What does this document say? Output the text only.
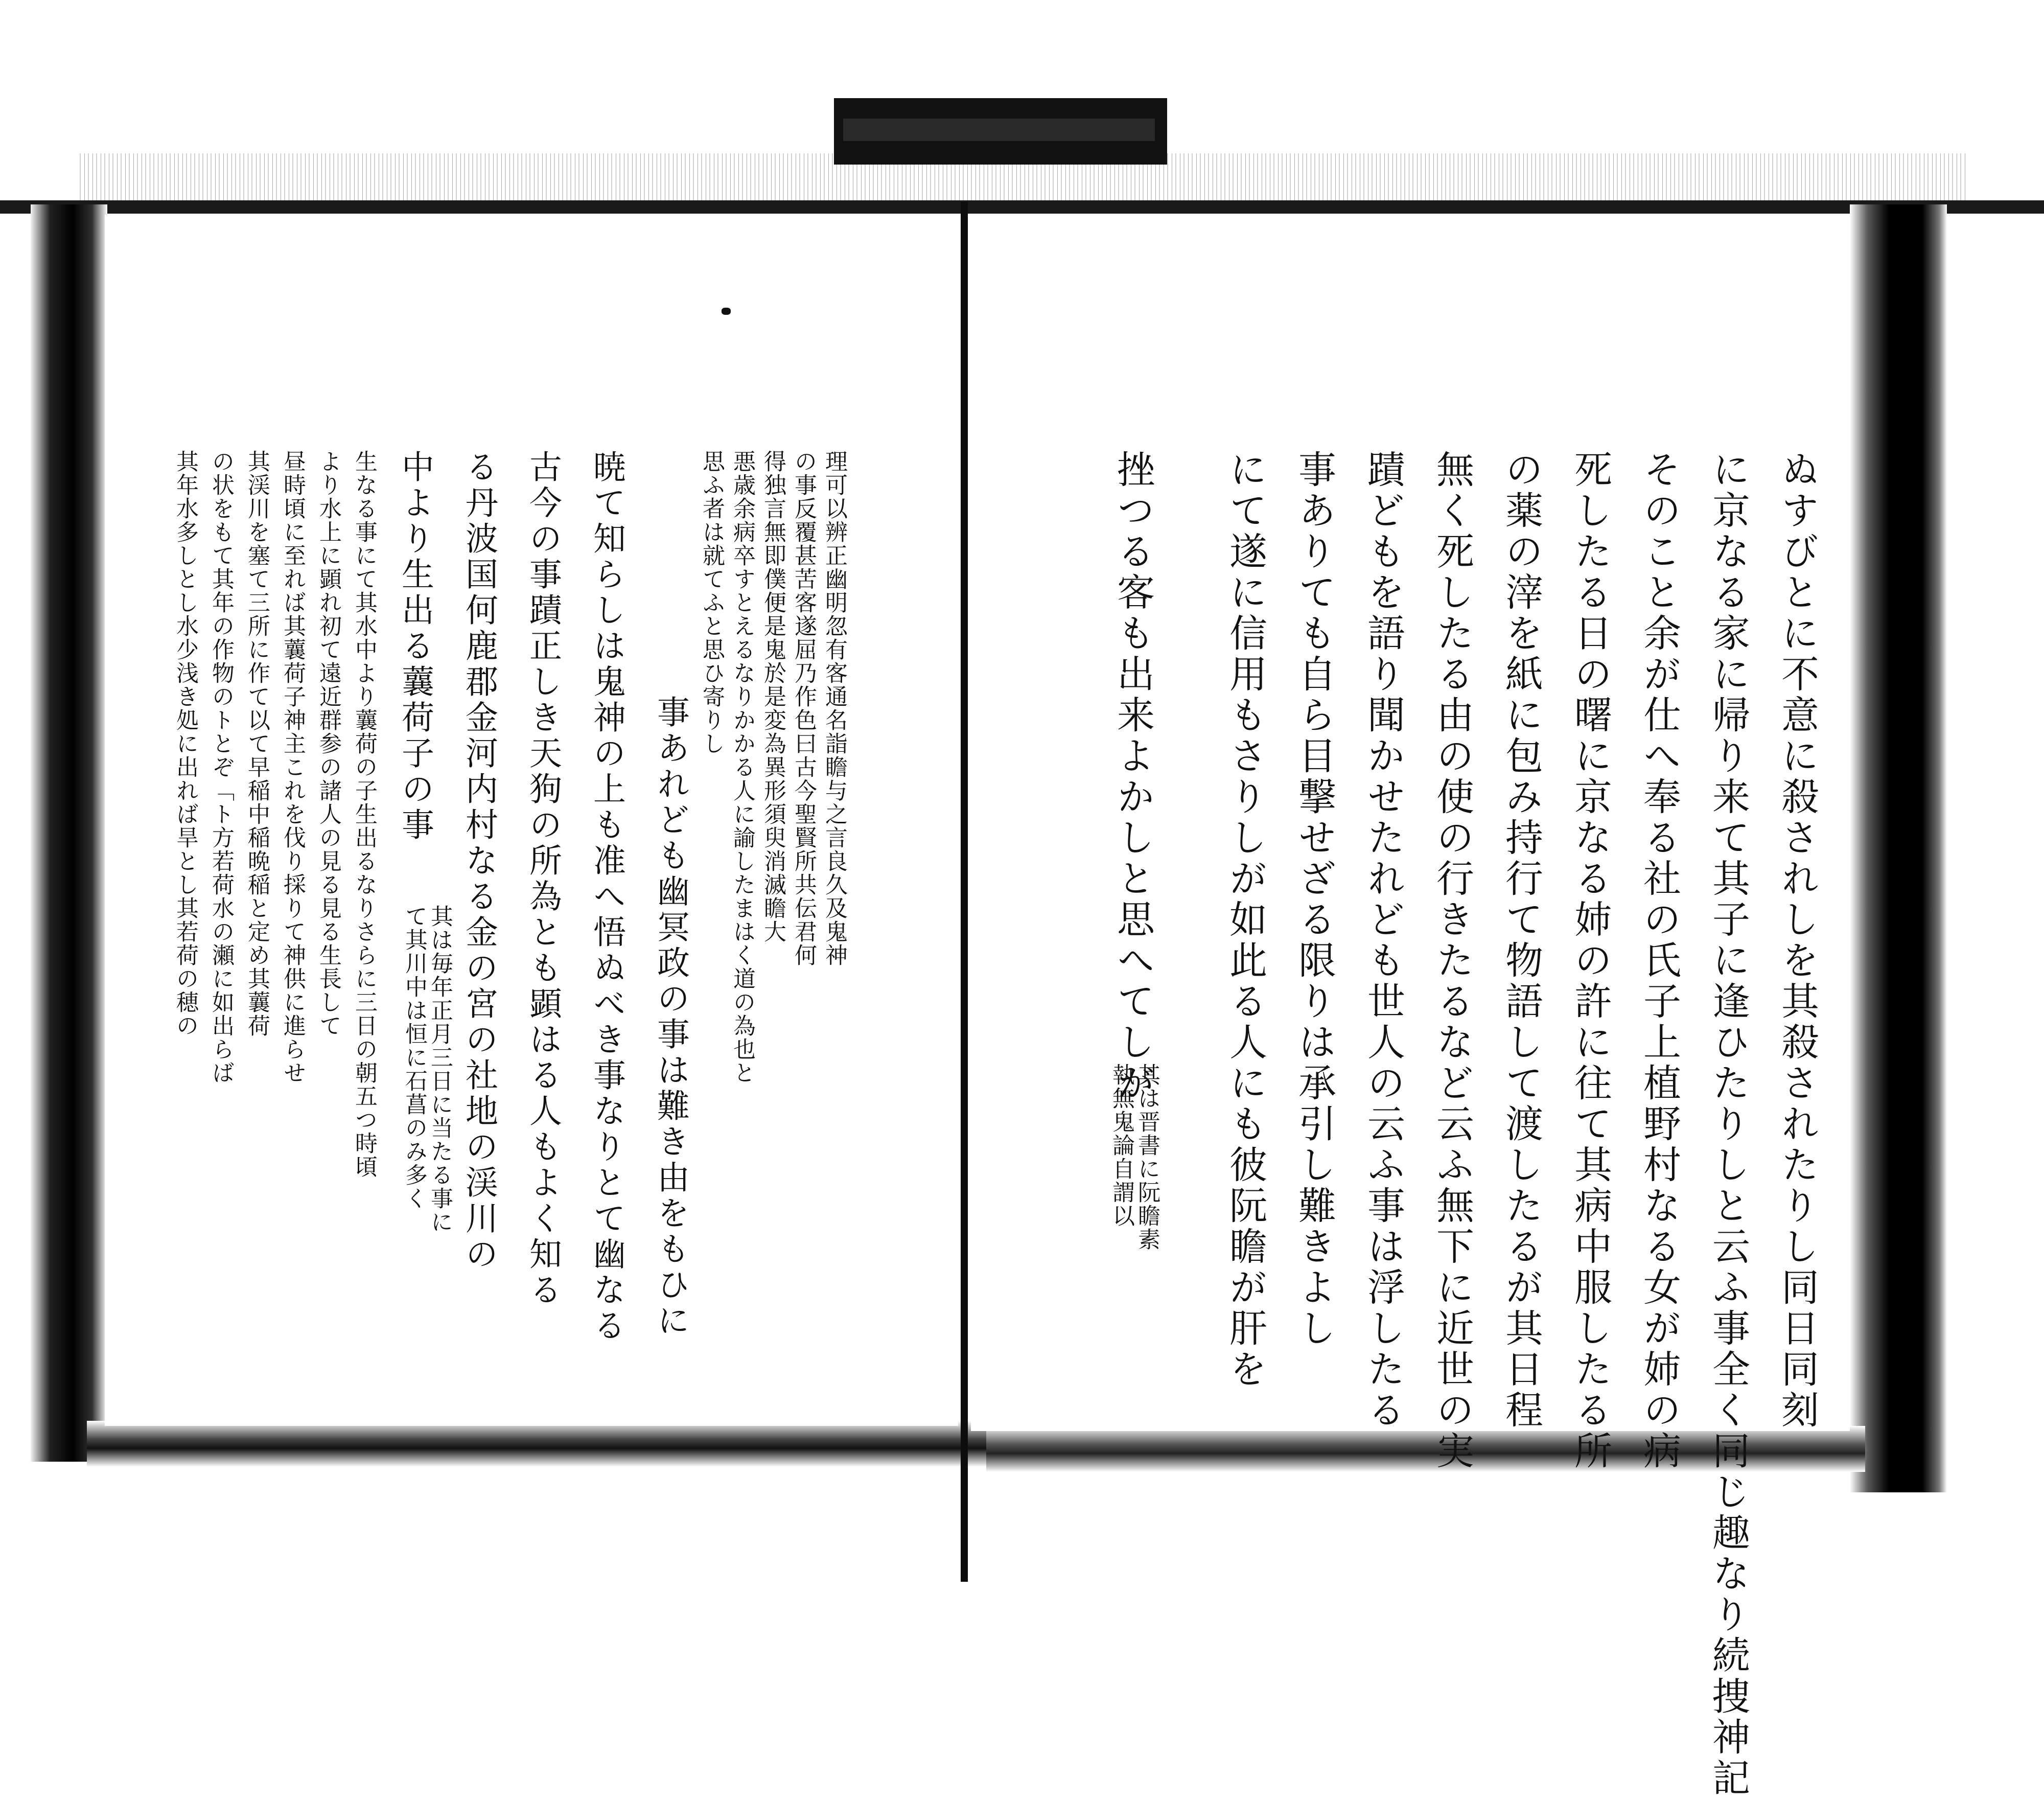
ぬすびとに不意に殺されしを其殺されたりし同日同刻
に京なる家に帰り来て其子に逢ひたりしと云ふ事全く同じ趣なり続捜神記
そのこと余が仕へ奉る社の氏子上植野村なる女が姉の病
死したる日の曙に京なる姉の許に往て其病中服したる所
の薬の滓を紙に包み持行て物語して渡したるが其日程
無く死したる由の使の行きたるなど云ふ無下に近世の実
蹟どもを語り聞かせたれども世人の云ふ事は浮したる
事ありても自ら目撃せざる限りは承引し難きよし
にて遂に信用もさりしが如此る人にも彼阮瞻が肝を
挫つる客も出来よかしと思へてしが
其は晋書に阮瞻素
執無鬼論自謂以
理可以辨正幽明忽有客通名詣瞻与之言良久及鬼神
の事反覆甚苦客遂屈乃作色曰古今聖賢所共伝君何
得独言無即僕便是鬼於是変為異形須臾消滅瞻大
悪歳余病卒すとえるなりかかる人に諭したまはく道の為也と
思ふ者は就てふと思ひ寄りし
事あれども幽冥政の事は難き由をもひに
暁て知らしは鬼神の上も准へ悟ぬべき事なりとて幽なる
古今の事蹟正しき天狗の所為とも顕はる人もよく知る
る丹波国何鹿郡金河内村なる金の宮の社地の渓川の
中より生出る蘘荷子の事
其は毎年正月三日に当たる事に
て其川中は恒に石菖のみ多く
生なる事にて其水中より蘘荷の子生出るなりさらに三日の朝五つ時頃
より水上に顕れ初て遠近群参の諸人の見る見る生長して
昼時頃に至れば其蘘荷子神主これを伐り採りて神供に進らせ
其渓川を塞て三所に作て以て早稲中稲晩稲と定め其蘘荷
の状をもて其年の作物のトとぞ「ト方若荷水の瀬に如出らば
其年水多しとし水少浅き処に出れば旱とし其若荷の穂の
